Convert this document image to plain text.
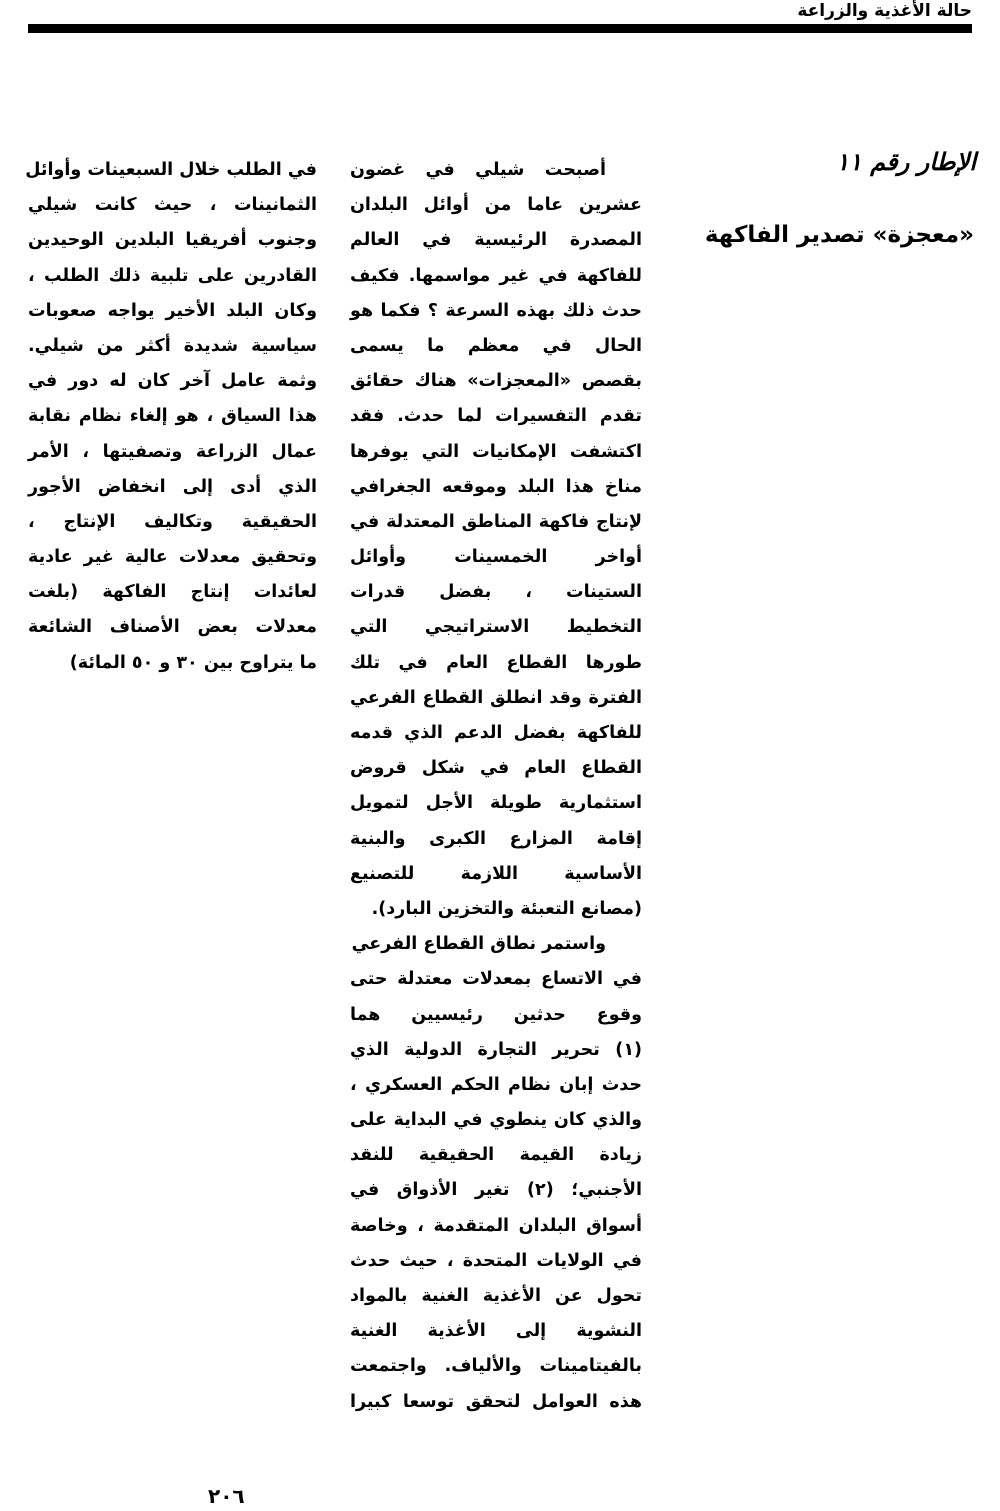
حالة الأغذية والزراعة
الإطار رقم ١١
«معجزة» تصدير الفاكهة
أصبحت شيلي في غضون
عشرين عاما من أوائل البلدان
المصدرة الرئيسية في العالم
للفاكهة في غير مواسمها. فكيف
حدث ذلك بهذه السرعة ؟ فكما هو
الحال في معظم ما يسمى
بقصص «المعجزات» هناك حقائق
تقدم التفسيرات لما حدث. فقد
اكتشفت الإمكانيات التي يوفرها
مناخ هذا البلد وموقعه الجغرافي
لإنتاج فاكهة المناطق المعتدلة في
أواخر الخمسينات وأوائل
الستينات ، بفضل قدرات
التخطيط الاستراتيجي التي
طورها القطاع العام في تلك
الفترة وقد انطلق القطاع الفرعي
للفاكهة بفضل الدعم الذي قدمه
القطاع العام في شكل قروض
استثمارية طويلة الأجل لتمويل
إقامة المزارع الكبرى والبنية
الأساسية اللازمة للتصنيع
(مصانع التعبئة والتخزين البارد).
واستمر نطاق القطاع الفرعي
في الاتساع بمعدلات معتدلة حتى
وقوع حدثين رئيسيين هما
(١) تحرير التجارة الدولية الذي
حدث إبان نظام الحكم العسكري ،
والذي كان ينطوي في البداية على
زيادة القيمة الحقيقية للنقد
الأجنبي؛ (٢) تغير الأذواق في
أسواق البلدان المتقدمة ، وخاصة
في الولايات المتحدة ، حيث حدث
تحول عن الأغذية الغنية بالمواد
النشوية إلى الأغذية الغنية
بالفيتامينات والألياف. واجتمعت
هذه العوامل لتحقق توسعا كبيرا
في الطلب خلال السبعينات وأوائل
الثمانينات ، حيث كانت شيلي
وجنوب أفريقيا البلدين الوحيدين
القادرين على تلبية ذلك الطلب ،
وكان البلد الأخير يواجه صعوبات
سياسية شديدة أكثر من شيلي.
وثمة عامل آخر كان له دور في
هذا السياق ، هو إلغاء نظام نقابة
عمال الزراعة وتصفيتها ، الأمر
الذي أدى إلى انخفاض الأجور
الحقيقية وتكاليف الإنتاج ،
وتحقيق معدلات عالية غير عادية
لعائدات إنتاج الفاكهة (بلغت
معدلات بعض الأصناف الشائعة
ما يتراوح بين ٣٠ و ٥٠ المائة)
٢٠٦
